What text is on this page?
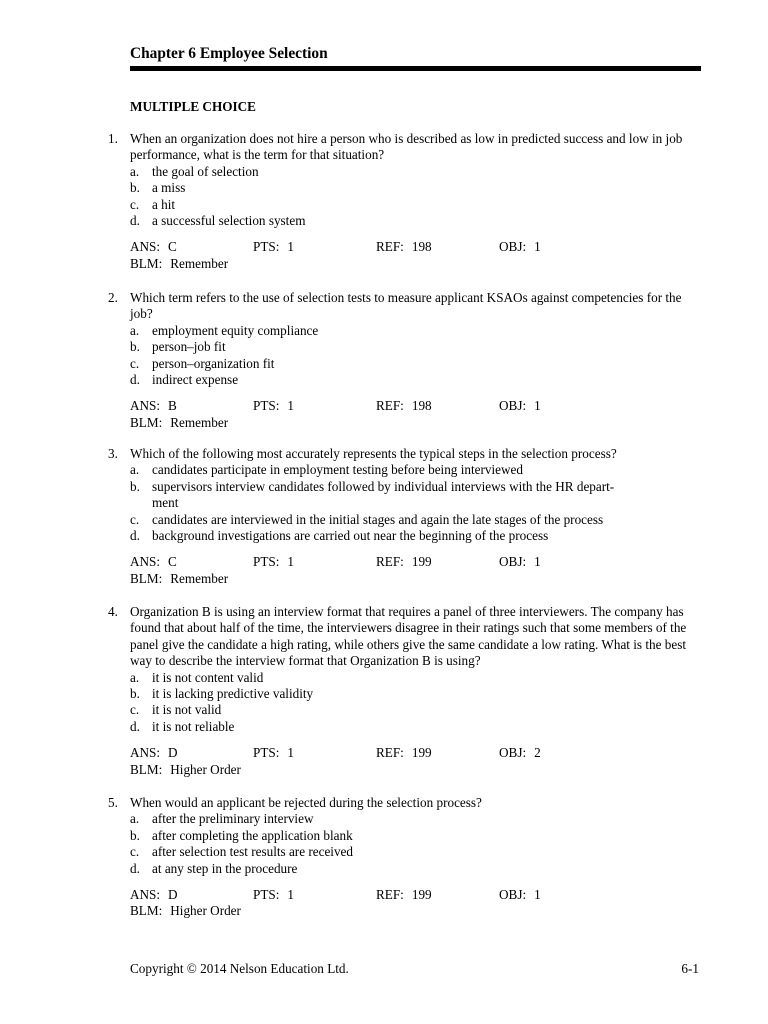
Chapter 6 Employee Selection
MULTIPLE CHOICE
1. When an organization does not hire a person who is described as low in predicted success and low in job performance, what is the term for that situation?
a. the goal of selection
b. a miss
c. a hit
d. a successful selection system
ANS: C	PTS: 1	REF: 198	OBJ: 1
BLM: Remember
2. Which term refers to the use of selection tests to measure applicant KSAOs against competencies for the job?
a. employment equity compliance
b. person–job fit
c. person–organization fit
d. indirect expense
ANS: B	PTS: 1	REF: 198	OBJ: 1
BLM: Remember
3. Which of the following most accurately represents the typical steps in the selection process?
a. candidates participate in employment testing before being interviewed
b. supervisors interview candidates followed by individual interviews with the HR depart-ment
c. candidates are interviewed in the initial stages and again the late stages of the process
d. background investigations are carried out near the beginning of the process
ANS: C	PTS: 1	REF: 199	OBJ: 1
BLM: Remember
4. Organization B is using an interview format that requires a panel of three interviewers. The company has found that about half of the time, the interviewers disagree in their ratings such that some members of the panel give the candidate a high rating, while others give the same candidate a low rating. What is the best way to describe the interview format that Organization B is using?
a. it is not content valid
b. it is lacking predictive validity
c. it is not valid
d. it is not reliable
ANS: D	PTS: 1	REF: 199	OBJ: 2
BLM: Higher Order
5. When would an applicant be rejected during the selection process?
a. after the preliminary interview
b. after completing the application blank
c. after selection test results are received
d. at any step in the procedure
ANS: D	PTS: 1	REF: 199	OBJ: 1
BLM: Higher Order
Copyright © 2014 Nelson Education Ltd.	6-1
